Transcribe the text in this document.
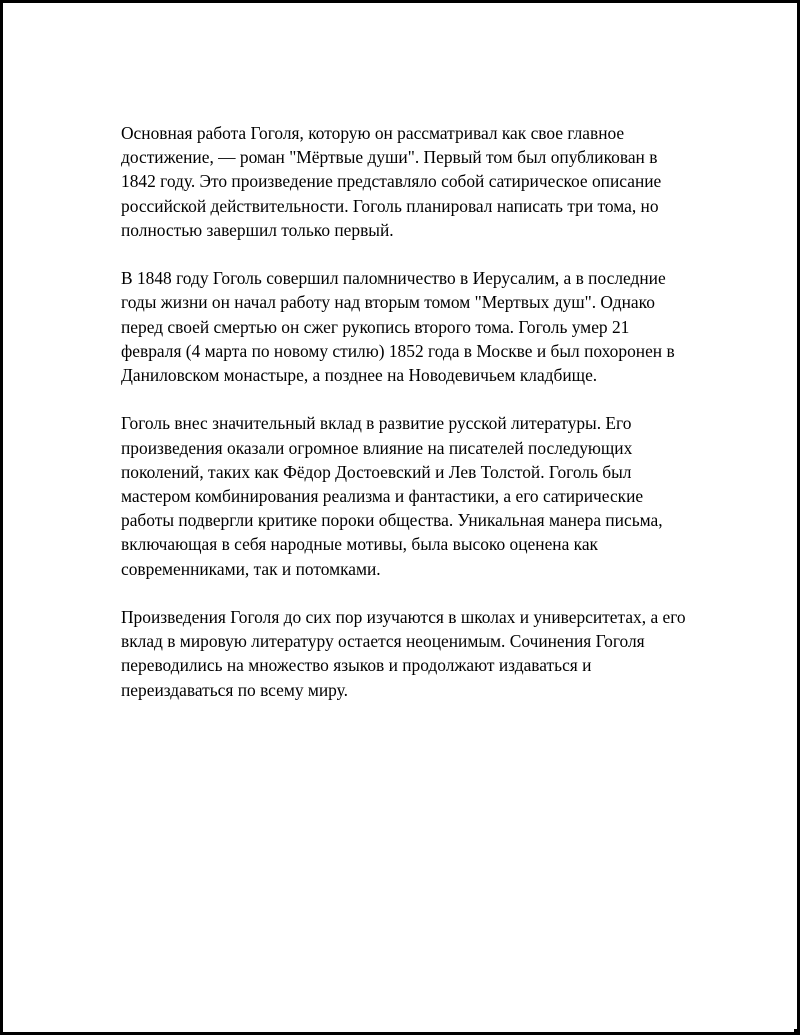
Основная работа Гоголя, которую он рассматривал как свое главное достижение, — роман "Мёртвые души". Первый том был опубликован в 1842 году. Это произведение представляло собой сатирическое описание российской действительности. Гоголь планировал написать три тома, но полностью завершил только первый.

В 1848 году Гоголь совершил паломничество в Иерусалим, а в последние годы жизни он начал работу над вторым томом "Мертвых душ". Однако перед своей смертью он сжег рукопись второго тома. Гоголь умер 21 февраля (4 марта по новому стилю) 1852 года в Москве и был похоронен в Даниловском монастыре, а позднее на Новодевичьем кладбище.

Гоголь внес значительный вклад в развитие русской литературы. Его произведения оказали огромное влияние на писателей последующих поколений, таких как Фёдор Достоевский и Лев Толстой. Гоголь был мастером комбинирования реализма и фантастики, а его сатирические работы подвергли критике пороки общества. Уникальная манера письма, включающая в себя народные мотивы, была высоко оценена как современниками, так и потомками.

Произведения Гоголя до сих пор изучаются в школах и университетах, а его вклад в мировую литературу остается неоценимым. Сочинения Гоголя переводились на множество языков и продолжают издаваться и переиздаваться по всему миру.
